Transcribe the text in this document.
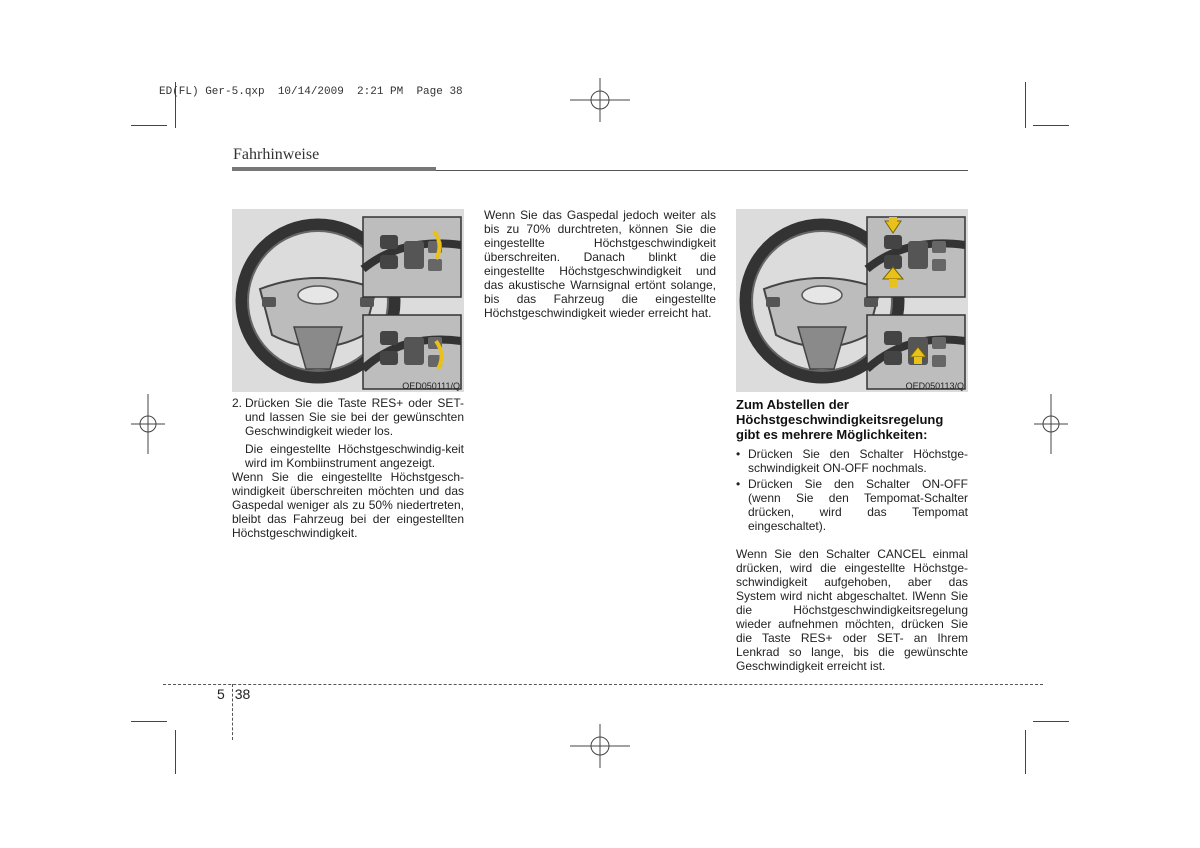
ED(FL) Ger-5.qxp  10/14/2009  2:21 PM  Page 38
Fahrhinweise
OED050111/Q	OED050113/Q
2. Drücken Sie die Taste RES+ oder SET- und lassen Sie sie bei der gewünschten Geschwindigkeit wieder los.

Die eingestellte Höchstgeschwindig-keit wird im Kombiinstrument angezeigt.

Wenn Sie die eingestellte Höchstgesch-windigkeit überschreiten möchten und das Gaspedal weniger als zu 50% niedertreten, bleibt das Fahrzeug bei der eingestellten Höchstgeschwindigkeit.

Wenn Sie das Gaspedal jedoch weiter als bis zu 70% durchtreten, können Sie die eingestellte Höchstgeschwindigkeit überschreiten. Danach blinkt die eingestellte Höchstgeschwindigkeit und das akustische Warnsignal ertönt solange, bis das Fahrzeug die eingestellte Höchstgeschwindigkeit wieder erreicht hat.

Zum Abstellen der Höchstgeschwindigkeitsregelung gibt es mehrere Möglichkeiten:
• Drücken Sie den Schalter Höchstge-schwindigkeit ON-OFF nochmals.
• Drücken Sie den Schalter ON-OFF (wenn Sie den Tempomat-Schalter drücken, wird das Tempomat eingeschaltet).

Wenn Sie den Schalter CANCEL einmal drücken, wird die eingestellte Höchstge-schwindigkeit aufgehoben, aber das System wird nicht abgeschaltet. lWenn Sie die Höchstgeschwindigkeitsregelung wieder aufnehmen möchten, drücken Sie die Taste RES+ oder SET- an Ihrem Lenkrad so lange, bis die gewünschte Geschwindigkeit erreicht ist.

5 38
